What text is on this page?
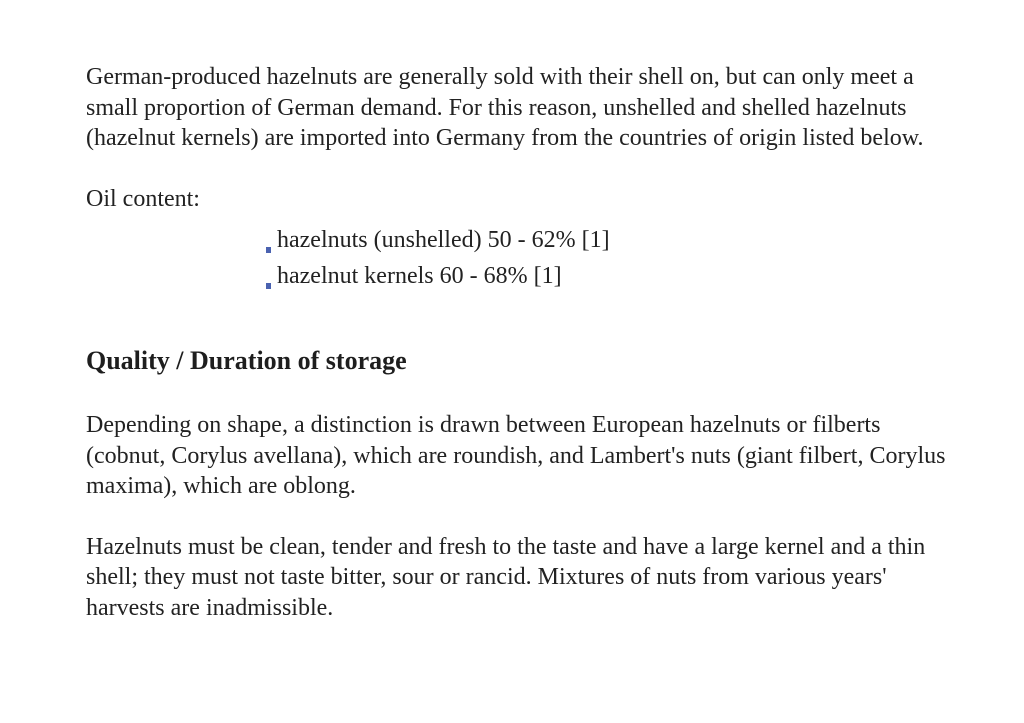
German-produced hazelnuts are generally sold with their shell on, but can only meet a small proportion of German demand. For this reason, unshelled and shelled hazelnuts (hazelnut kernels) are imported into Germany from the countries of origin listed below.

Oil content:

hazelnuts (unshelled) 50 - 62% [1]
hazelnut kernels 60 - 68% [1]
Quality / Duration of storage

Depending on shape, a distinction is drawn between European hazelnuts or filberts (cobnut, Corylus avellana), which are roundish, and Lambert's nuts (giant filbert, Corylus maxima), which are oblong.

Hazelnuts must be clean, tender and fresh to the taste and have a large kernel and a thin shell; they must not taste bitter, sour or rancid. Mixtures of nuts from various years' harvests are inadmissible.
